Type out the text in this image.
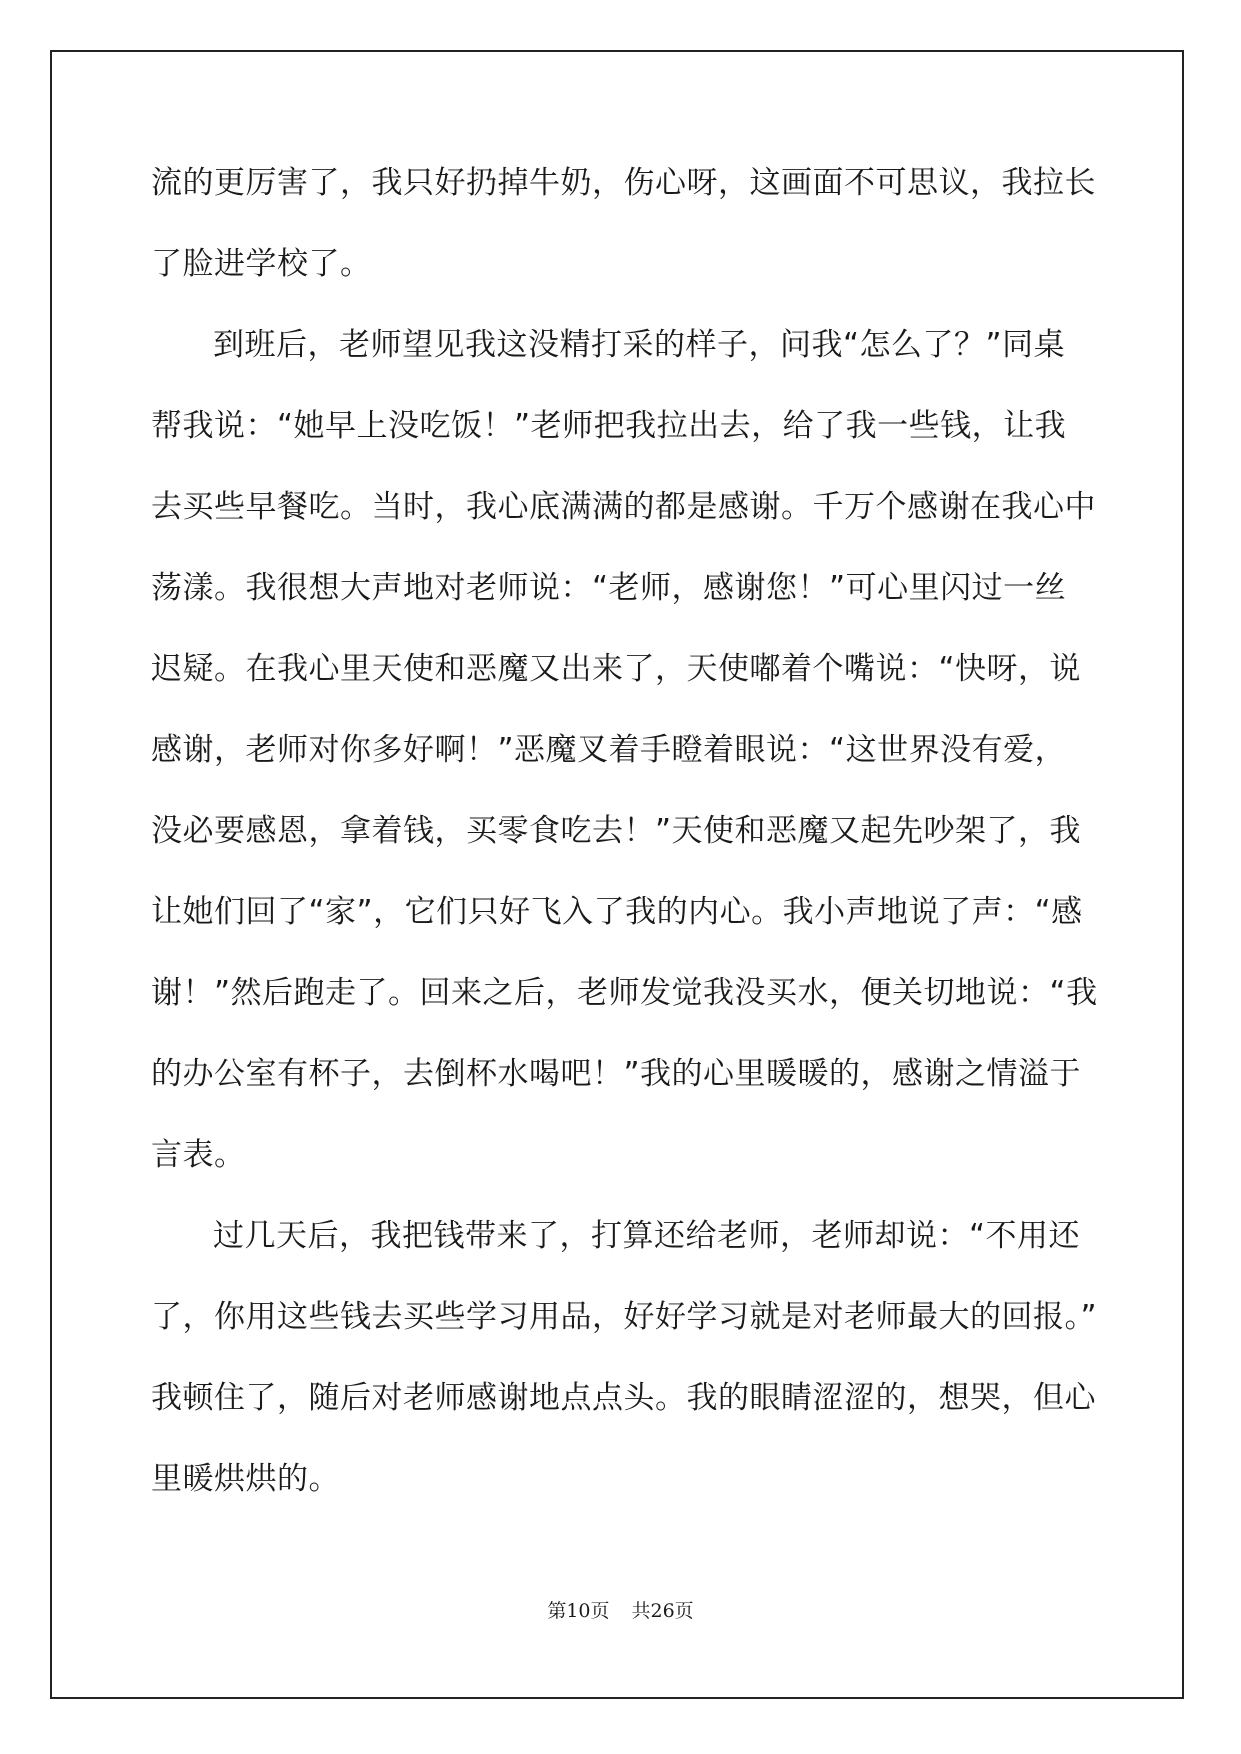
流的更厉害了，我只好扔掉牛奶，伤心呀，这画面不可思议，我拉长
了脸进学校了。
到班后，老师望见我这没精打采的样子，问我“怎么了？”同桌
帮我说：“她早上没吃饭！”老师把我拉出去，给了我一些钱，让我
去买些早餐吃。当时，我心底满满的都是感谢。千万个感谢在我心中
荡漾。我很想大声地对老师说：“老师，感谢您！”可心里闪过一丝
迟疑。在我心里天使和恶魔又出来了，天使嘟着个嘴说：“快呀，说
感谢，老师对你多好啊！”恶魔叉着手瞪着眼说：“这世界没有爱，
没必要感恩，拿着钱，买零食吃去！”天使和恶魔又起先吵架了，我
让她们回了“家”，它们只好飞入了我的内心。我小声地说了声：“感
谢！”然后跑走了。回来之后，老师发觉我没买水，便关切地说：“我
的办公室有杯子，去倒杯水喝吧！”我的心里暖暖的，感谢之情溢于
言表。
过几天后，我把钱带来了，打算还给老师，老师却说：“不用还
了，你用这些钱去买些学习用品，好好学习就是对老师最大的回报。”
我顿住了，随后对老师感谢地点点头。我的眼睛涩涩的，想哭，但心
里暖烘烘的。
第10页 共26页
